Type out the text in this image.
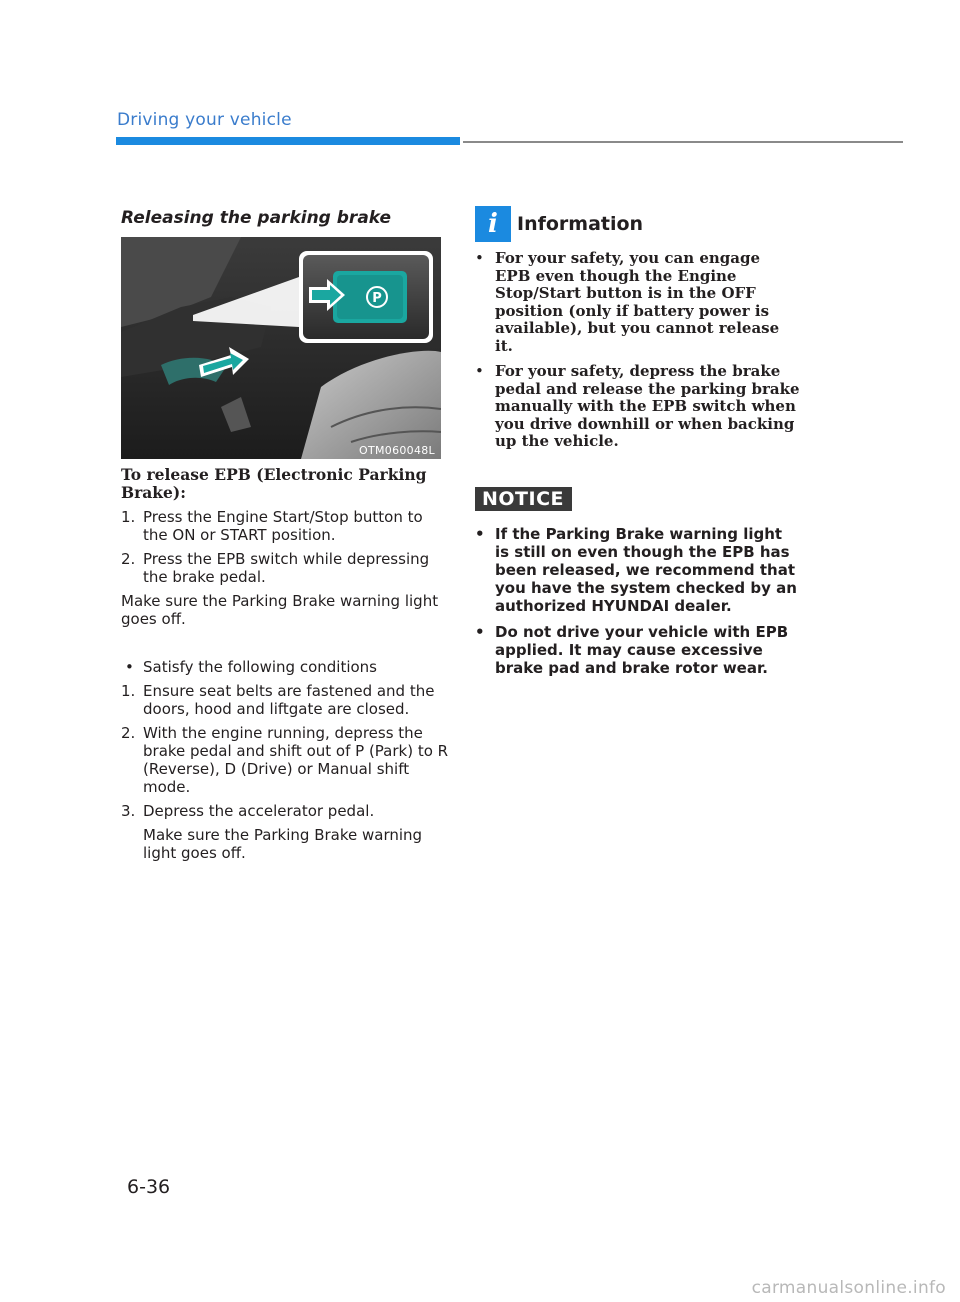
Driving your vehicle
Releasing the parking brake
P
OTM060048L
To release EPB (Electronic Parking Brake):
1. Press the Engine Start/Stop button to the ON or START position.
2. Press the EPB switch while depressing the brake pedal.
Make sure the Parking Brake warning light goes off.
• Satisfy the following conditions
1. Ensure seat belts are fastened and the doors, hood and liftgate are closed.
2. With the engine running, depress the brake pedal and shift out of P (Park) to R (Reverse), D (Drive) or Manual shift mode.
3. Depress the accelerator pedal.
Make sure the Parking Brake warning light goes off.
i	Information
• For your safety, you can engage EPB even though the Engine Stop/Start button is in the OFF position (only if battery power is available), but you cannot release it.
• For your safety, depress the brake pedal and release the parking brake manually with the EPB switch when you drive downhill or when backing up the vehicle.
NOTICE
• If the Parking Brake warning light is still on even though the EPB has been released, we recommend that you have the system checked by an authorized HYUNDAI dealer.
• Do not drive your vehicle with EPB applied. It may cause excessive brake pad and brake rotor wear.
6-36
carmanualsonline.info
